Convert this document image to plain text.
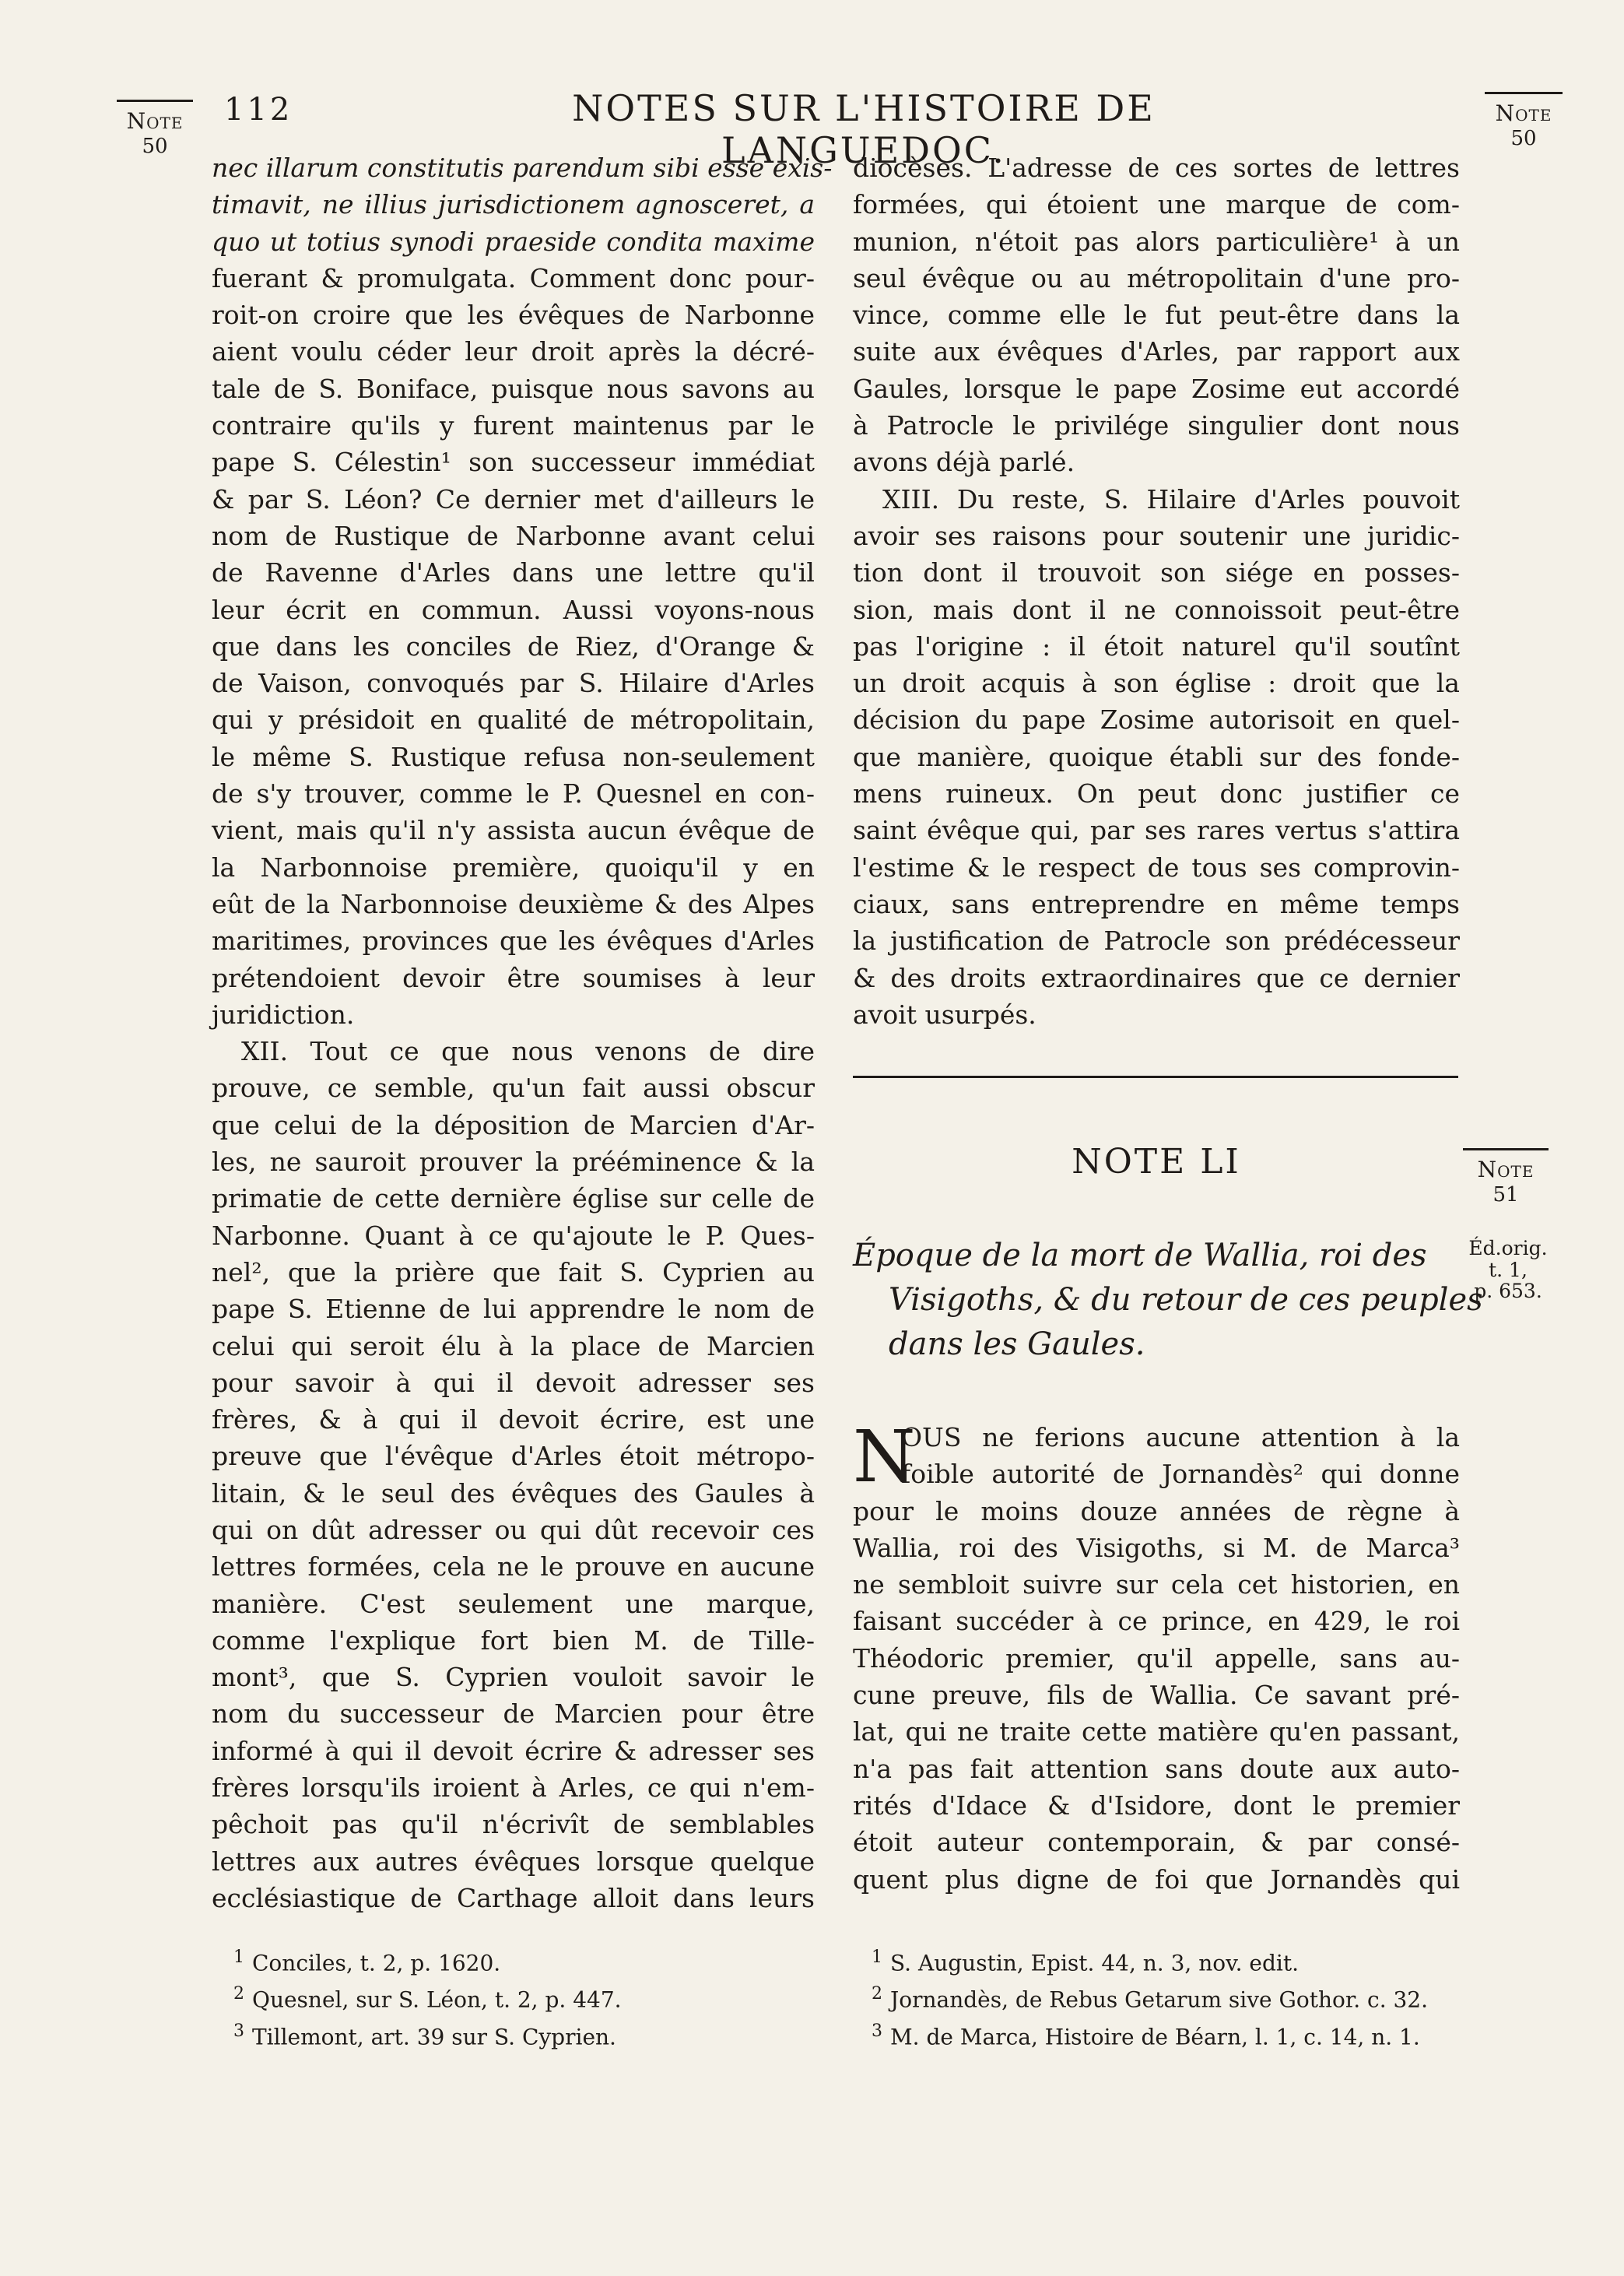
112	NOTES SUR L'HISTOIRE DE LANGUEDOC.
Note
50
Note
50
Note
51
Éd.orig.
t. 1,
p. 653.
nec illarum constitutis parendum sibi esse exis-
timavit, ne illius jurisdictionem agnosceret, a
quo ut totius synodi praeside condita maxime
fuerant & promulgata. Comment donc pour-
roit-on croire que les évêques de Narbonne
aient voulu céder leur droit après la décré-
tale de S. Boniface, puisque nous savons au
contraire qu'ils y furent maintenus par le
pape S. Célestin¹ son successeur immédiat
& par S. Léon? Ce dernier met d'ailleurs le
nom de Rustique de Narbonne avant celui
de Ravenne d'Arles dans une lettre qu'il
leur écrit en commun. Aussi voyons-nous
que dans les conciles de Riez, d'Orange &
de Vaison, convoqués par S. Hilaire d'Arles
qui y présidoit en qualité de métropolitain,
le même S. Rustique refusa non-seulement
de s'y trouver, comme le P. Quesnel en con-
vient, mais qu'il n'y assista aucun évêque de
la Narbonnoise première, quoiqu'il y en
eût de la Narbonnoise deuxième & des Alpes
maritimes, provinces que les évêques d'Arles
prétendoient devoir être soumises à leur
juridiction.
XII. Tout ce que nous venons de dire
prouve, ce semble, qu'un fait aussi obscur
que celui de la déposition de Marcien d'Ar-
les, ne sauroit prouver la prééminence & la
primatie de cette dernière église sur celle de
Narbonne. Quant à ce qu'ajoute le P. Ques-
nel², que la prière que fait S. Cyprien au
pape S. Etienne de lui apprendre le nom de
celui qui seroit élu à la place de Marcien
pour savoir à qui il devoit adresser ses
frères, & à qui il devoit écrire, est une
preuve que l'évêque d'Arles étoit métropo-
litain, & le seul des évêques des Gaules à
qui on dût adresser ou qui dût recevoir ces
lettres formées, cela ne le prouve en aucune
manière. C'est seulement une marque,
comme l'explique fort bien M. de Tille-
mont³, que S. Cyprien vouloit savoir le
nom du successeur de Marcien pour être
informé à qui il devoit écrire & adresser ses
frères lorsqu'ils iroient à Arles, ce qui n'em-
pêchoit pas qu'il n'écrivît de semblables
lettres aux autres évêques lorsque quelque
ecclésiastique de Carthage alloit dans leurs
diocèses. L'adresse de ces sortes de lettres
formées, qui étoient une marque de com-
munion, n'étoit pas alors particulière¹ à un
seul évêque ou au métropolitain d'une pro-
vince, comme elle le fut peut-être dans la
suite aux évêques d'Arles, par rapport aux
Gaules, lorsque le pape Zosime eut accordé
à Patrocle le privilége singulier dont nous
avons déjà parlé.
XIII. Du reste, S. Hilaire d'Arles pouvoit
avoir ses raisons pour soutenir une juridic-
tion dont il trouvoit son siége en posses-
sion, mais dont il ne connoissoit peut-être
pas l'origine : il étoit naturel qu'il soutînt
un droit acquis à son église : droit que la
décision du pape Zosime autorisoit en quel-
que manière, quoique établi sur des fonde-
mens ruineux. On peut donc justifier ce
saint évêque qui, par ses rares vertus s'attira
l'estime & le respect de tous ses comprovin-
ciaux, sans entreprendre en même temps
la justification de Patrocle son prédécesseur
& des droits extraordinaires que ce dernier
avoit usurpés.
NOTE LI
Époque de la mort de Wallia, roi des
Visigoths, & du retour de ces peuples
dans les Gaules.
N
OUS ne ferions aucune attention à la
foible autorité de Jornandès² qui donne
pour le moins douze années de règne à
Wallia, roi des Visigoths, si M. de Marca³
ne sembloit suivre sur cela cet historien, en
faisant succéder à ce prince, en 429, le roi
Théodoric premier, qu'il appelle, sans au-
cune preuve, fils de Wallia. Ce savant pré-
lat, qui ne traite cette matière qu'en passant,
n'a pas fait attention sans doute aux auto-
rités d'Idace & d'Isidore, dont le premier
étoit auteur contemporain, & par consé-
quent plus digne de foi que Jornandès qui
$^1$ Conciles, t. 2, p. 1620.
$^2$ Quesnel, sur S. Léon, t. 2, p. 447.
$^3$ Tillemont, art. 39 sur S. Cyprien.
$^1$ S. Augustin, Epist. 44, n. 3, nov. edit.
$^2$ Jornandès, de Rebus Getarum sive Gothor. c. 32.
$^3$ M. de Marca, Histoire de Béarn, l. 1, c. 14, n. 1.
